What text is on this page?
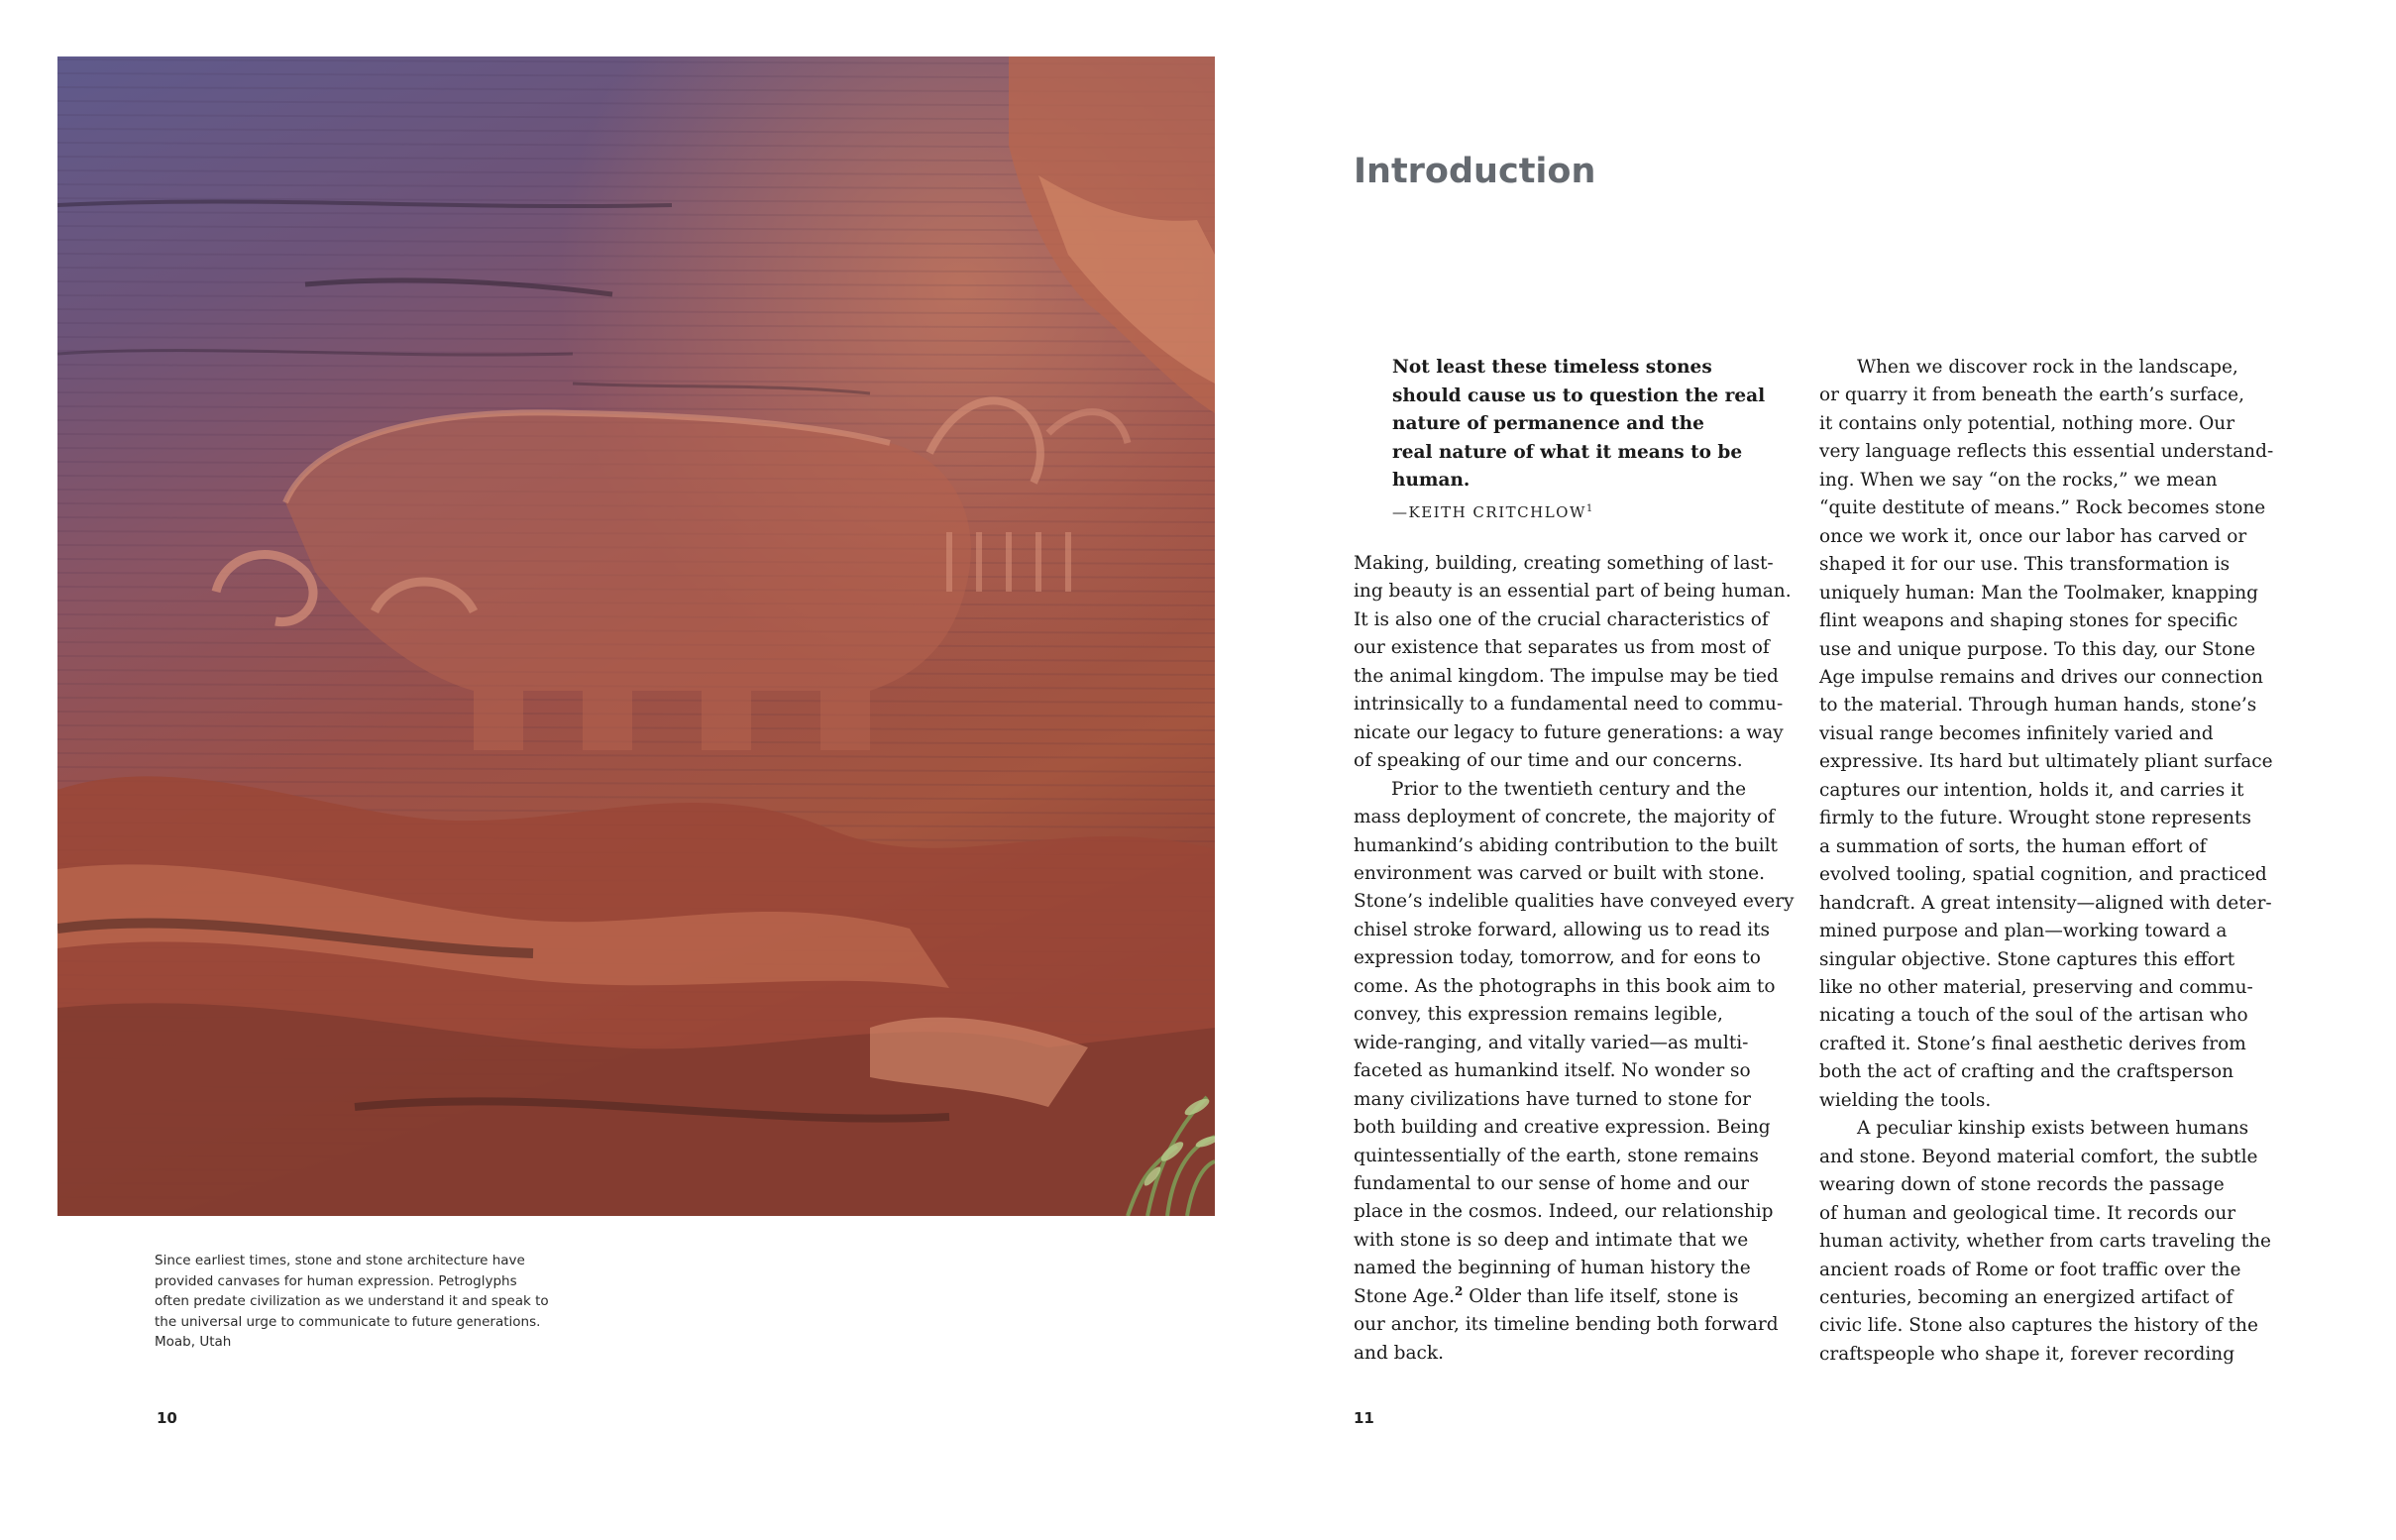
Since earliest times, stone and stone architecture have
provided canvases for human expression. Petroglyphs
often predate civilization as we understand it and speak to
the universal urge to communicate to future generations.
Moab, Utah
10
Introduction
Not least these timeless stones
should cause us to question the real
nature of permanence and the
real nature of what it means to be
human.
—KEITH CRITCHLOW$^1$
Making, building, creating something of last-
ing beauty is an essential part of being human.
It is also one of the crucial characteristics of
our existence that separates us from most of
the animal kingdom. The impulse may be tied
intrinsically to a fundamental need to commu-
nicate our legacy to future generations: a way
of speaking of our time and our concerns.
Prior to the twentieth century and the
mass deployment of concrete, the majority of
humankind’s abiding contribution to the built
environment was carved or built with stone.
Stone’s indelible qualities have conveyed every
chisel stroke forward, allowing us to read its
expression today, tomorrow, and for eons to
come. As the photographs in this book aim to
convey, this expression remains legible,
wide-ranging, and vitally varied—as multi-
faceted as humankind itself. No wonder so
many civilizations have turned to stone for
both building and creative expression. Being
quintessentially of the earth, stone remains
fundamental to our sense of home and our
place in the cosmos. Indeed, our relationship
with stone is so deep and intimate that we
named the beginning of human history the
Stone Age.$^2$ Older than life itself, stone is
our anchor, its timeline bending both forward
and back.
When we discover rock in the landscape,
or quarry it from beneath the earth’s surface,
it contains only potential, nothing more. Our
very language reflects this essential understand-
ing. When we say “on the rocks,” we mean
“quite destitute of means.” Rock becomes stone
once we work it, once our labor has carved or
shaped it for our use. This transformation is
uniquely human: Man the Toolmaker, knapping
flint weapons and shaping stones for specific
use and unique purpose. To this day, our Stone
Age impulse remains and drives our connection
to the material. Through human hands, stone’s
visual range becomes infinitely varied and
expressive. Its hard but ultimately pliant surface
captures our intention, holds it, and carries it
firmly to the future. Wrought stone represents
a summation of sorts, the human effort of
evolved tooling, spatial cognition, and practiced
handcraft. A great intensity—aligned with deter-
mined purpose and plan—working toward a
singular objective. Stone captures this effort
like no other material, preserving and commu-
nicating a touch of the soul of the artisan who
crafted it. Stone’s final aesthetic derives from
both the act of crafting and the craftsperson
wielding the tools.
A peculiar kinship exists between humans
and stone. Beyond material comfort, the subtle
wearing down of stone records the passage
of human and geological time. It records our
human activity, whether from carts traveling the
ancient roads of Rome or foot traffic over the
centuries, becoming an energized artifact of
civic life. Stone also captures the history of the
craftspeople who shape it, forever recording
11
